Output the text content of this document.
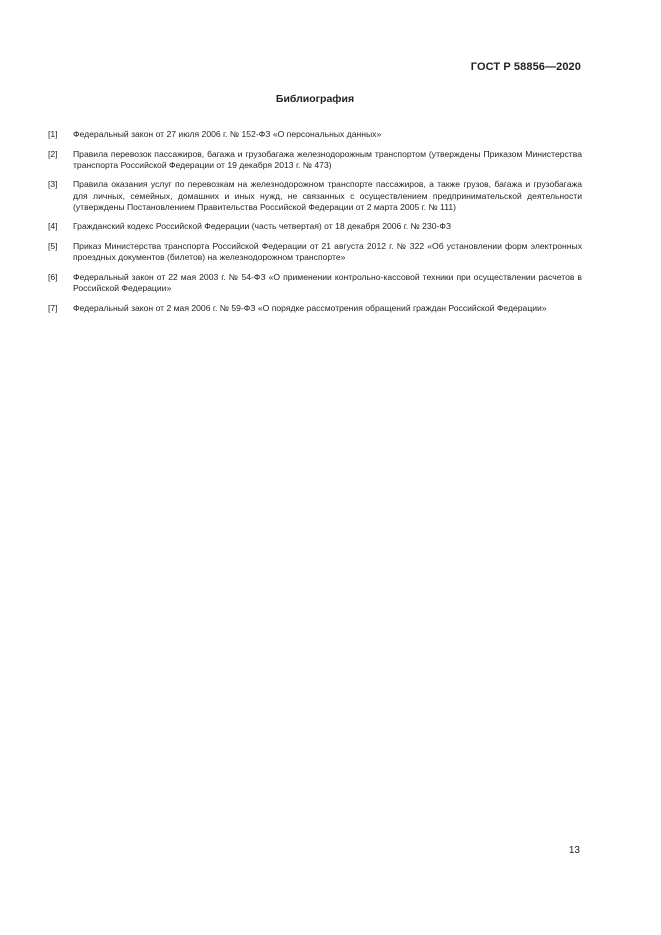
ГОСТ Р 58856—2020
Библиография
[1]	Федеральный закон от 27 июля 2006 г. № 152-ФЗ «О персональных данных»
[2]	Правила перевозок пассажиров, багажа и грузобагажа железнодорожным транспортом (утверждены Приказом Министерства транспорта Российской Федерации от 19 декабря 2013 г. № 473)
[3]	Правила оказания услуг по перевозкам на железнодорожном транспорте пассажиров, а также грузов, багажа и грузобагажа для личных, семейных, домашних и иных нужд, не связанных с осуществлением предпринимательской деятельности (утверждены Постановлением Правительства Российской Федерации от 2 марта 2005 г. № 111)
[4]	Гражданский кодекс Российской Федерации (часть четвертая) от 18 декабря 2006 г. № 230-ФЗ
[5]	Приказ Министерства транспорта Российской Федерации от 21 августа 2012 г. № 322 «Об установлении форм электронных проездных документов (билетов) на железнодорожном транспорте»
[6]	Федеральный закон от 22 мая 2003 г. № 54-ФЗ «О применении контрольно-кассовой техники при осуществлении расчетов в Российской Федерации»
[7]	Федеральный закон от 2 мая 2006 г. № 59-ФЗ «О порядке рассмотрения обращений граждан Российской Федерации»
13
